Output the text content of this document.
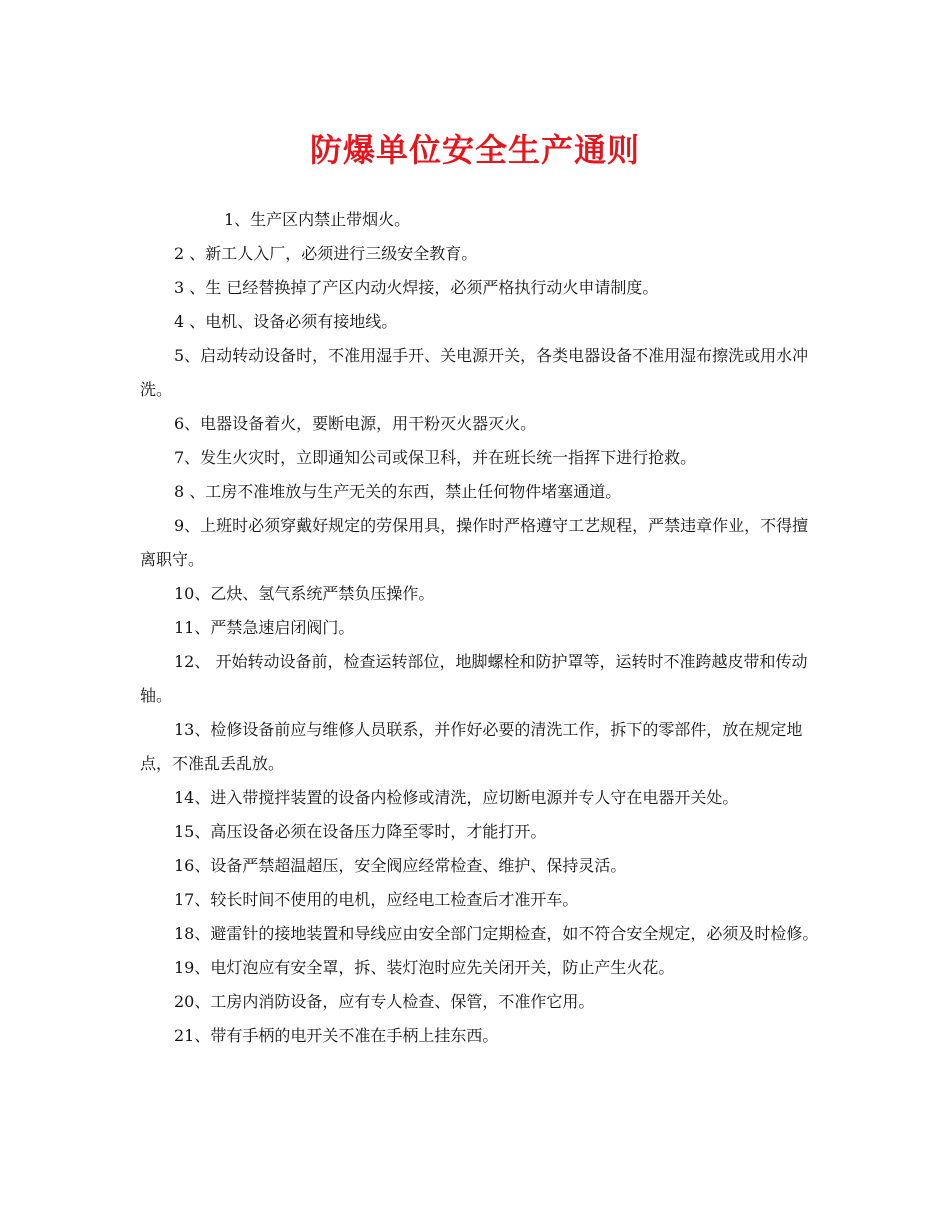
防爆单位安全生产通则

1、生产区内禁止带烟火。

2 、新工人入厂，必须进行三级安全教育。

3 、生 已经替换掉了产区内动火焊接，必须严格执行动火申请制度。

4 、电机、设备必须有接地线。

5、启动转动设备时，不准用湿手开、关电源开关，各类电器设备不准用湿布擦洗或用水冲洗。

6、电器设备着火，要断电源，用干粉灭火器灭火。

7、发生火灾时，立即通知公司或保卫科，并在班长统一指挥下进行抢救。

8 、工房不准堆放与生产无关的东西，禁止任何物件堵塞通道。

9、上班时必须穿戴好规定的劳保用具，操作时严格遵守工艺规程，严禁违章作业，不得擅离职守。

10、乙炔、氢气系统严禁负压操作。

11、严禁急速启闭阀门。

12、 开始转动设备前，检查运转部位，地脚螺栓和防护罩等，运转时不准跨越皮带和传动轴。

13、检修设备前应与维修人员联系，并作好必要的清洗工作，拆下的零部件，放在规定地点，不准乱丢乱放。

14、进入带搅拌装置的设备内检修或清洗，应切断电源并专人守在电器开关处。

15、高压设备必须在设备压力降至零时，才能打开。

16、设备严禁超温超压，安全阀应经常检查、维护、保持灵活。

17、较长时间不使用的电机，应经电工检查后才准开车。

18、避雷针的接地装置和导线应由安全部门定期检查，如不符合安全规定，必须及时检修。

19、电灯泡应有安全罩，拆、装灯泡时应先关闭开关，防止产生火花。

20、工房内消防设备，应有专人检查、保管，不准作它用。

21、带有手柄的电开关不准在手柄上挂东西。
